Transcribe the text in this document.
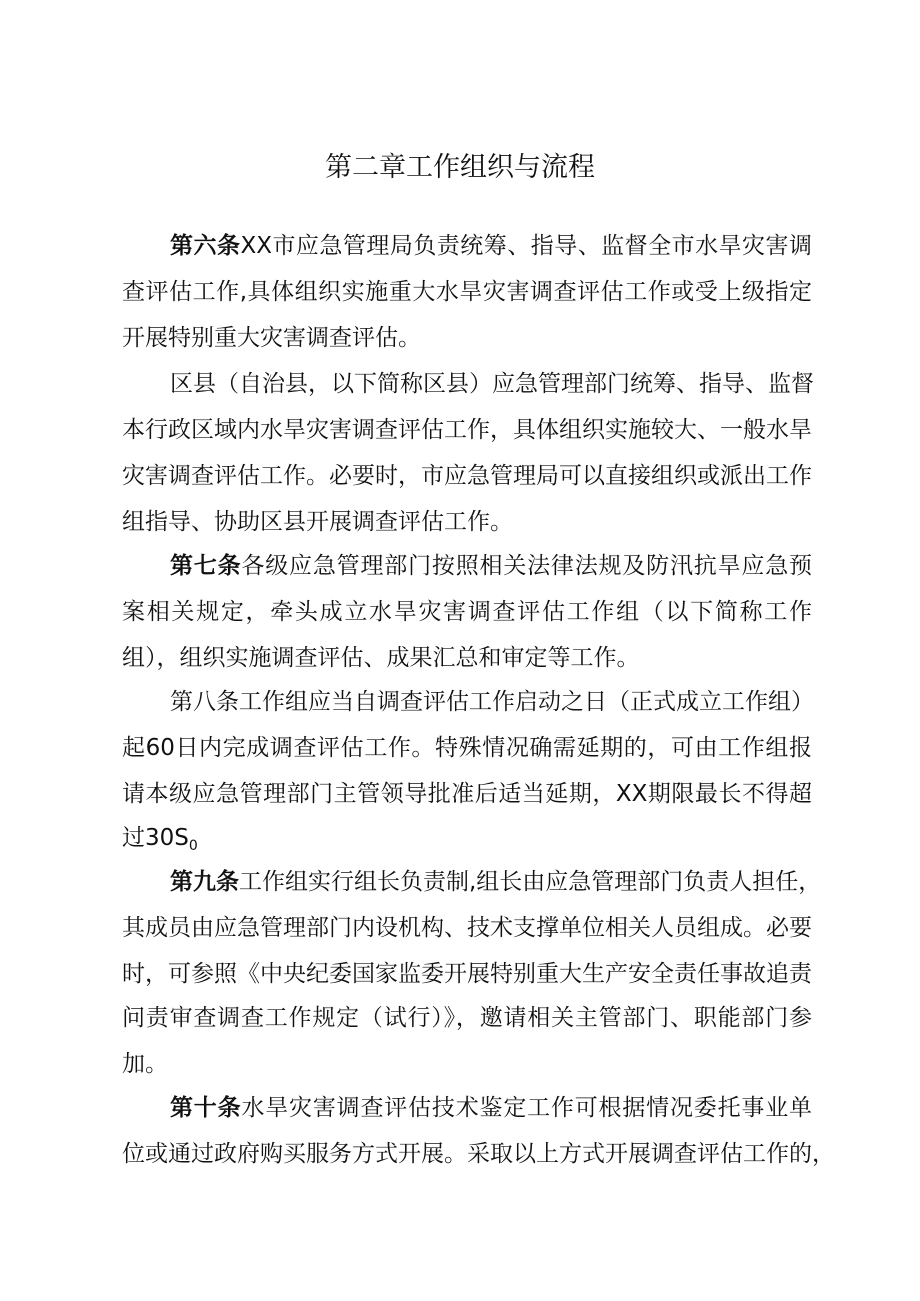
第二章工作组织与流程

第六条XX市应急管理局负责统筹、指导、监督全市水旱灾害调

查评估工作,具体组织实施重大水旱灾害调查评估工作或受上级指定

开展特别重大灾害调查评估。

区县（自治县，以下简称区县）应急管理部门统筹、指导、监督

本行政区域内水旱灾害调查评估工作，具体组织实施较大、一般水旱

灾害调查评估工作。必要时，市应急管理局可以直接组织或派出工作

组指导、协助区县开展调查评估工作。

第七条各级应急管理部门按照相关法律法规及防汛抗旱应急预

案相关规定，牵头成立水旱灾害调查评估工作组（以下简称工作

组），组织实施调查评估、成果汇总和审定等工作。

第八条工作组应当自调查评估工作启动之日（正式成立工作组）

起60日内完成调查评估工作。特殊情况确需延期的，可由工作组报

请本级应急管理部门主管领导批准后适当延期，XX期限最长不得超

过$30S_0$

第九条工作组实行组长负责制,组长由应急管理部门负责人担任，

其成员由应急管理部门内设机构、技术支撑单位相关人员组成。必要

时，可参照《中央纪委国家监委开展特别重大生产安全责任事故追责

问责审查调查工作规定（试行）》，邀请相关主管部门、职能部门参

加。

第十条水旱灾害调查评估技术鉴定工作可根据情况委托事业单

位或通过政府购买服务方式开展。采取以上方式开展调查评估工作的，
